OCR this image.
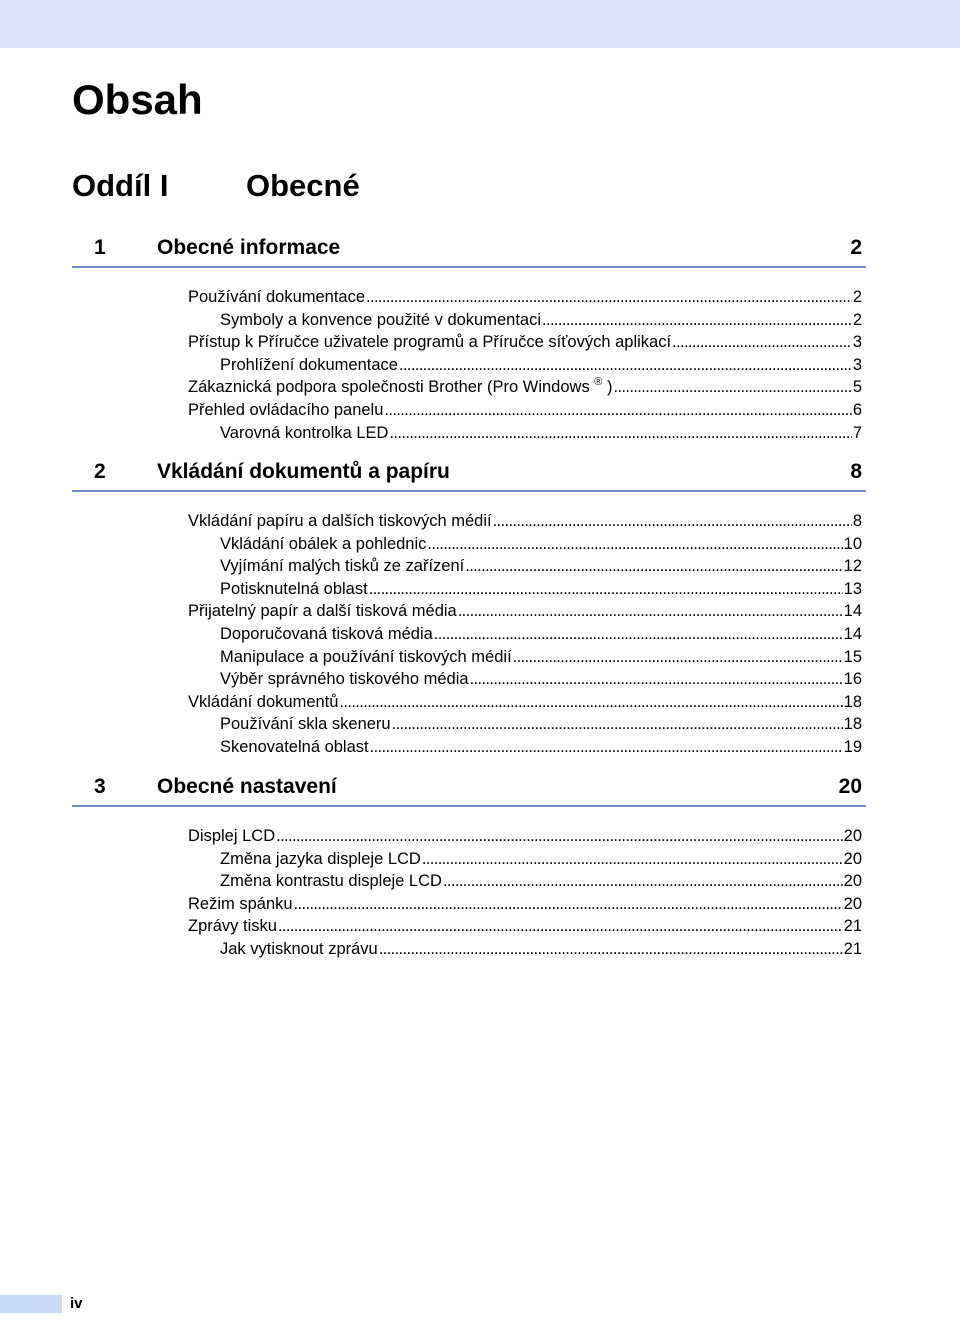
Obsah
Oddíl I	Obecné
1 Obecné informace	2
Používání dokumentace . . .	2
Symboly a konvence použité v dokumentaci . . .	2
Přístup k Příručce uživatele programů a Příručce síťových aplikací . . .	3
Prohlížení dokumentace . . .	3
Zákaznická podpora společnosti Brother (Pro Windows ® ) . . .	5
Přehled ovládacího panelu . . .	6
Varovná kontrolka LED . . .	7
2 Vkládání dokumentů a papíru	8
Vkládání papíru a dalších tiskových médií . . .	8
Vkládání obálek a pohlednic . . .	10
Vyjímání malých tisků ze zařízení . . .	12
Potisknutelná oblast . . .	13
Přijatelný papír a další tisková média . . .	14
Doporučovaná tisková média . . .	14
Manipulace a používání tiskových médií . . .	15
Výběr správného tiskového média . . .	16
Vkládání dokumentů . . .	18
Používání skla skeneru . . .	18
Skenovatelná oblast . . .	19
3 Obecné nastavení	20
Displej LCD . . .	20
Změna jazyka displeje LCD . . .	20
Změna kontrastu displeje LCD . . .	20
Režim spánku . . .	20
Zprávy tisku . . .	21
Jak vytisknout zprávu . . .	21
iv
